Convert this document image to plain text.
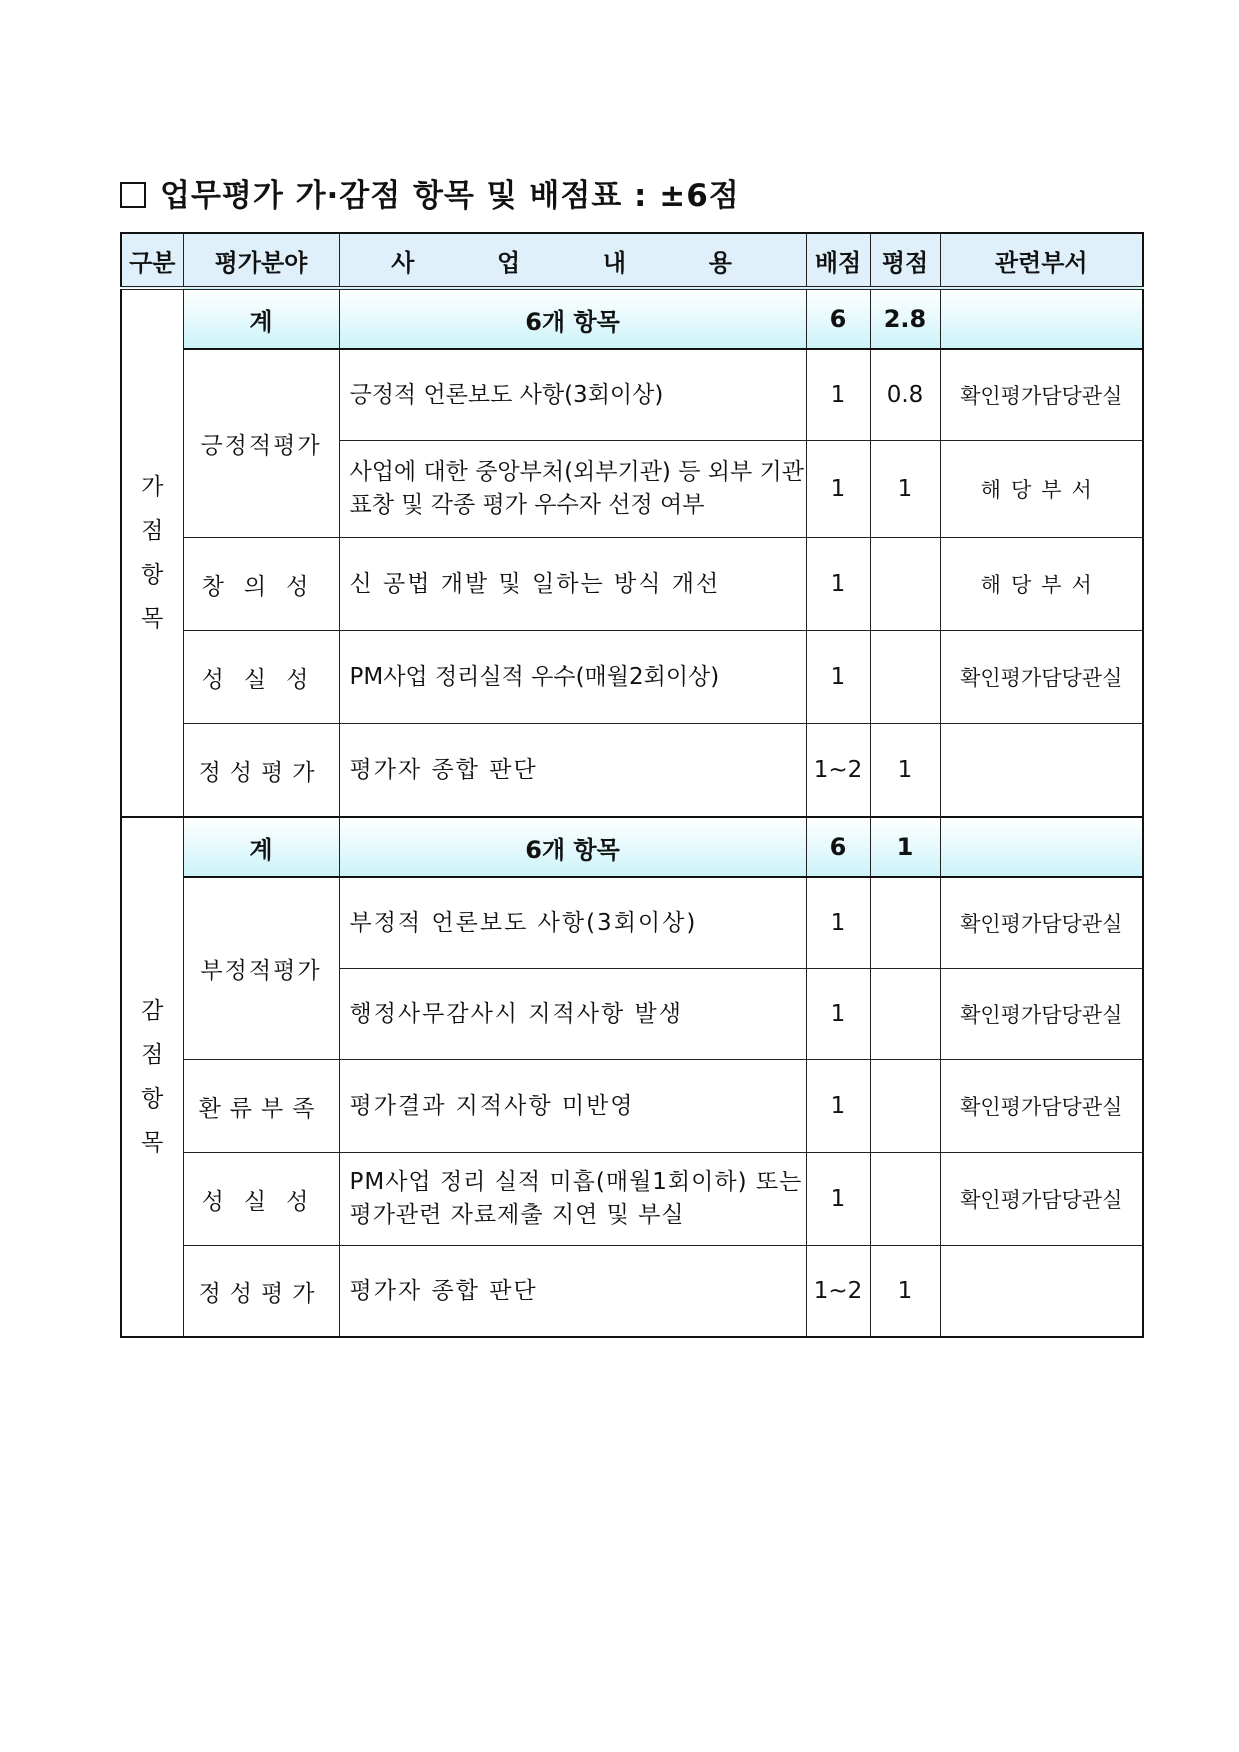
업무평가 가·감점 항목 및 배점표 : ±6점
구분	평가분야	사  업  내  용	배점	평점	관련부서

가
점
항
목	계	6개 항목	6	2.8	
	긍정적평가	긍정적 언론보도 사항(3회이상)	1	0.8	확인평가담당관실
		사업에 대한 중앙부처(외부기관) 등 외부 기관 표창 및 각종 평가 우수자 선정 여부	1	1	해당부서
	창의성	신 공법 개발 및 일하는 방식 개선	1		해당부서
	성실성	PM사업 정리실적 우수(매월2회이상)	1		확인평가담당관실
	정성평가	평가자 종합 판단	1~2	1	

감
점
항
목	계	6개 항목	6	1	
	부정적평가	부정적 언론보도 사항(3회이상)	1		확인평가담당관실
		행정사무감사시 지적사항 발생	1		확인평가담당관실
	환류부족	평가결과 지적사항 미반영	1		확인평가담당관실
	성실성	PM사업 정리 실적 미흡(매월1회이하) 또는 평가관련 자료제출 지연 및 부실	1		확인평가담당관실
	정성평가	평가자 종합 판단	1~2	1	
